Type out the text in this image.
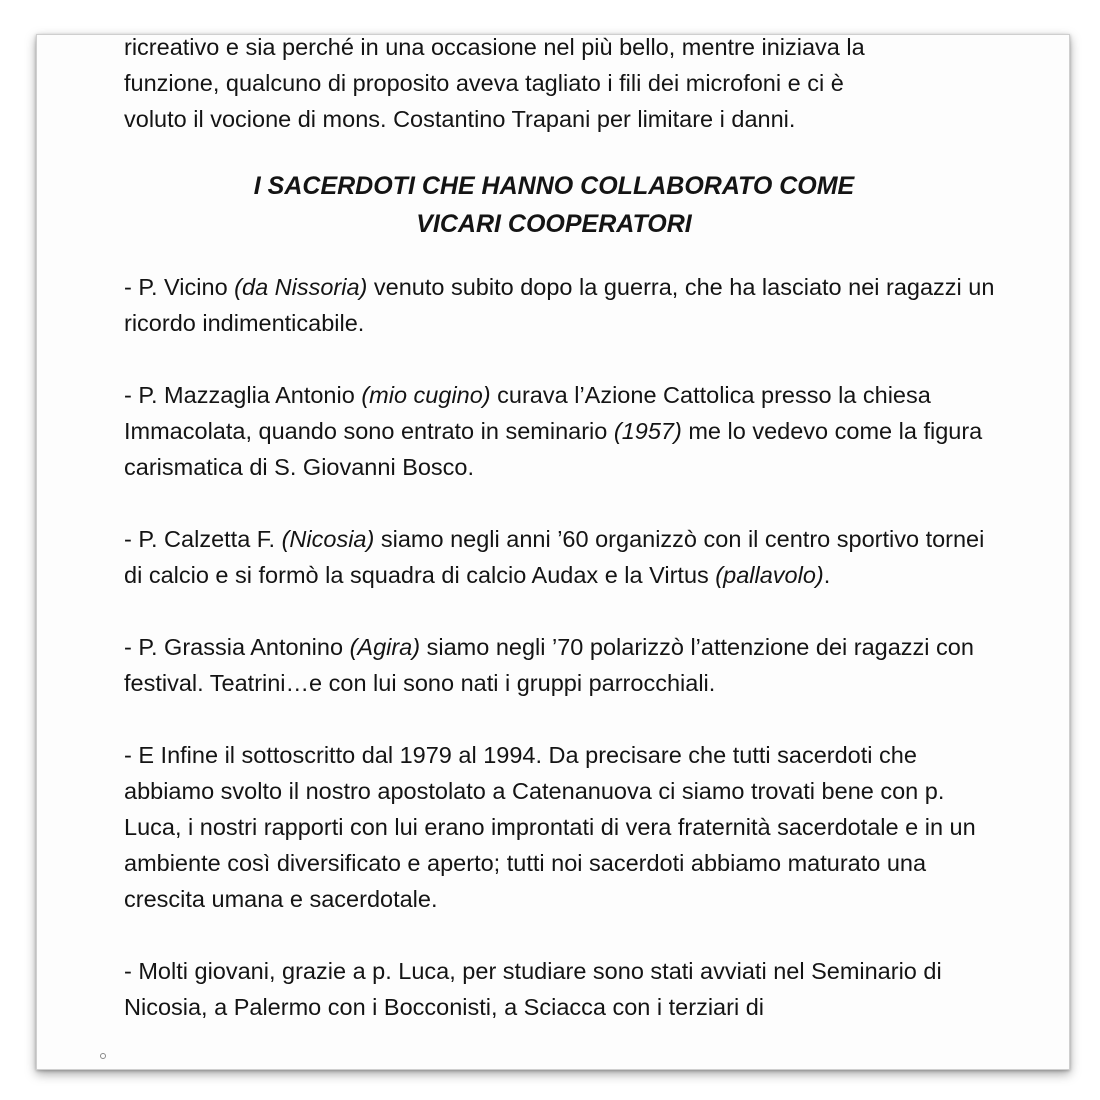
ricreativo e sia perché in una occasione nel più bello, mentre iniziava la
funzione, qualcuno di proposito aveva tagliato i fili dei microfoni e ci è
voluto il vocione di mons. Costantino Trapani per limitare i danni.

I SACERDOTI CHE HANNO COLLABORATO COME
VICARI COOPERATORI

- P. Vicino (da Nissoria) venuto subito dopo la guerra, che ha lasciato nei ragazzi un ricordo indimenticabile.

- P. Mazzaglia Antonio (mio cugino) curava l’Azione Cattolica presso la chiesa Immacolata, quando sono entrato in seminario (1957) me lo vedevo come la figura carismatica di S. Giovanni Bosco.

- P. Calzetta F. (Nicosia) siamo negli anni ’60 organizzò con il centro sportivo tornei di calcio e si formò la squadra di calcio Audax e la Virtus (pallavolo).

- P. Grassia Antonino (Agira) siamo negli ’70 polarizzò l’attenzione dei ragazzi con festival. Teatrini…e con lui sono nati i gruppi parrocchiali.

- E Infine il sottoscritto dal 1979 al 1994. Da precisare che tutti sacerdoti che abbiamo svolto il nostro apostolato a Catenanuova ci siamo trovati bene con p. Luca, i nostri rapporti con lui erano improntati di vera fraternità sacerdotale e in un ambiente così diversificato e aperto; tutti noi sacerdoti abbiamo maturato una crescita umana e sacerdotale.

- Molti giovani, grazie a p. Luca, per studiare sono stati avviati nel Seminario di Nicosia, a Palermo con i Bocconisti, a Sciacca con i terziari di
